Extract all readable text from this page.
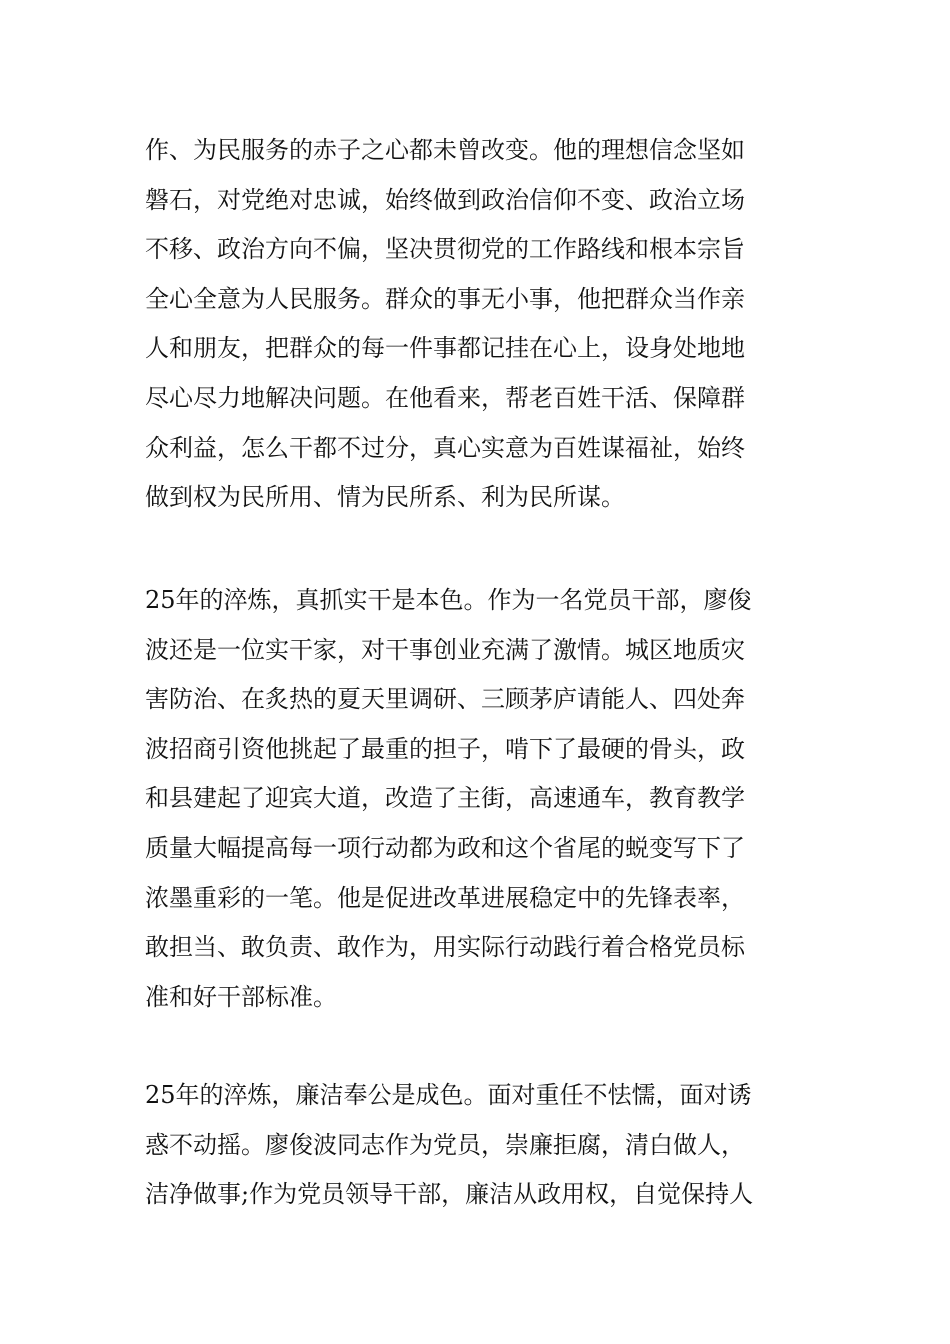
作、为民服务的赤子之心都未曾改变。他的理想信念坚如
磐石，对党绝对忠诚，始终做到政治信仰不变、政治立场
不移、政治方向不偏，坚决贯彻党的工作路线和根本宗旨
全心全意为人民服务。群众的事无小事，他把群众当作亲
人和朋友，把群众的每一件事都记挂在心上，设身处地地
尽心尽力地解决问题。在他看来，帮老百姓干活、保障群
众利益，怎么干都不过分，真心实意为百姓谋福祉，始终
做到权为民所用、情为民所系、利为民所谋。

25年的淬炼，真抓实干是本色。作为一名党员干部，廖俊
波还是一位实干家，对干事创业充满了激情。城区地质灾
害防治、在炙热的夏天里调研、三顾茅庐请能人、四处奔
波招商引资他挑起了最重的担子，啃下了最硬的骨头，政
和县建起了迎宾大道，改造了主街，高速通车，教育教学
质量大幅提高每一项行动都为政和这个省尾的蜕变写下了
浓墨重彩的一笔。他是促进改革进展稳定中的先锋表率，
敢担当、敢负责、敢作为，用实际行动践行着合格党员标
准和好干部标准。

25年的淬炼，廉洁奉公是成色。面对重任不怯懦，面对诱
惑不动摇。廖俊波同志作为党员，崇廉拒腐，清白做人，
洁净做事;作为党员领导干部，廉洁从政用权，自觉保持人
